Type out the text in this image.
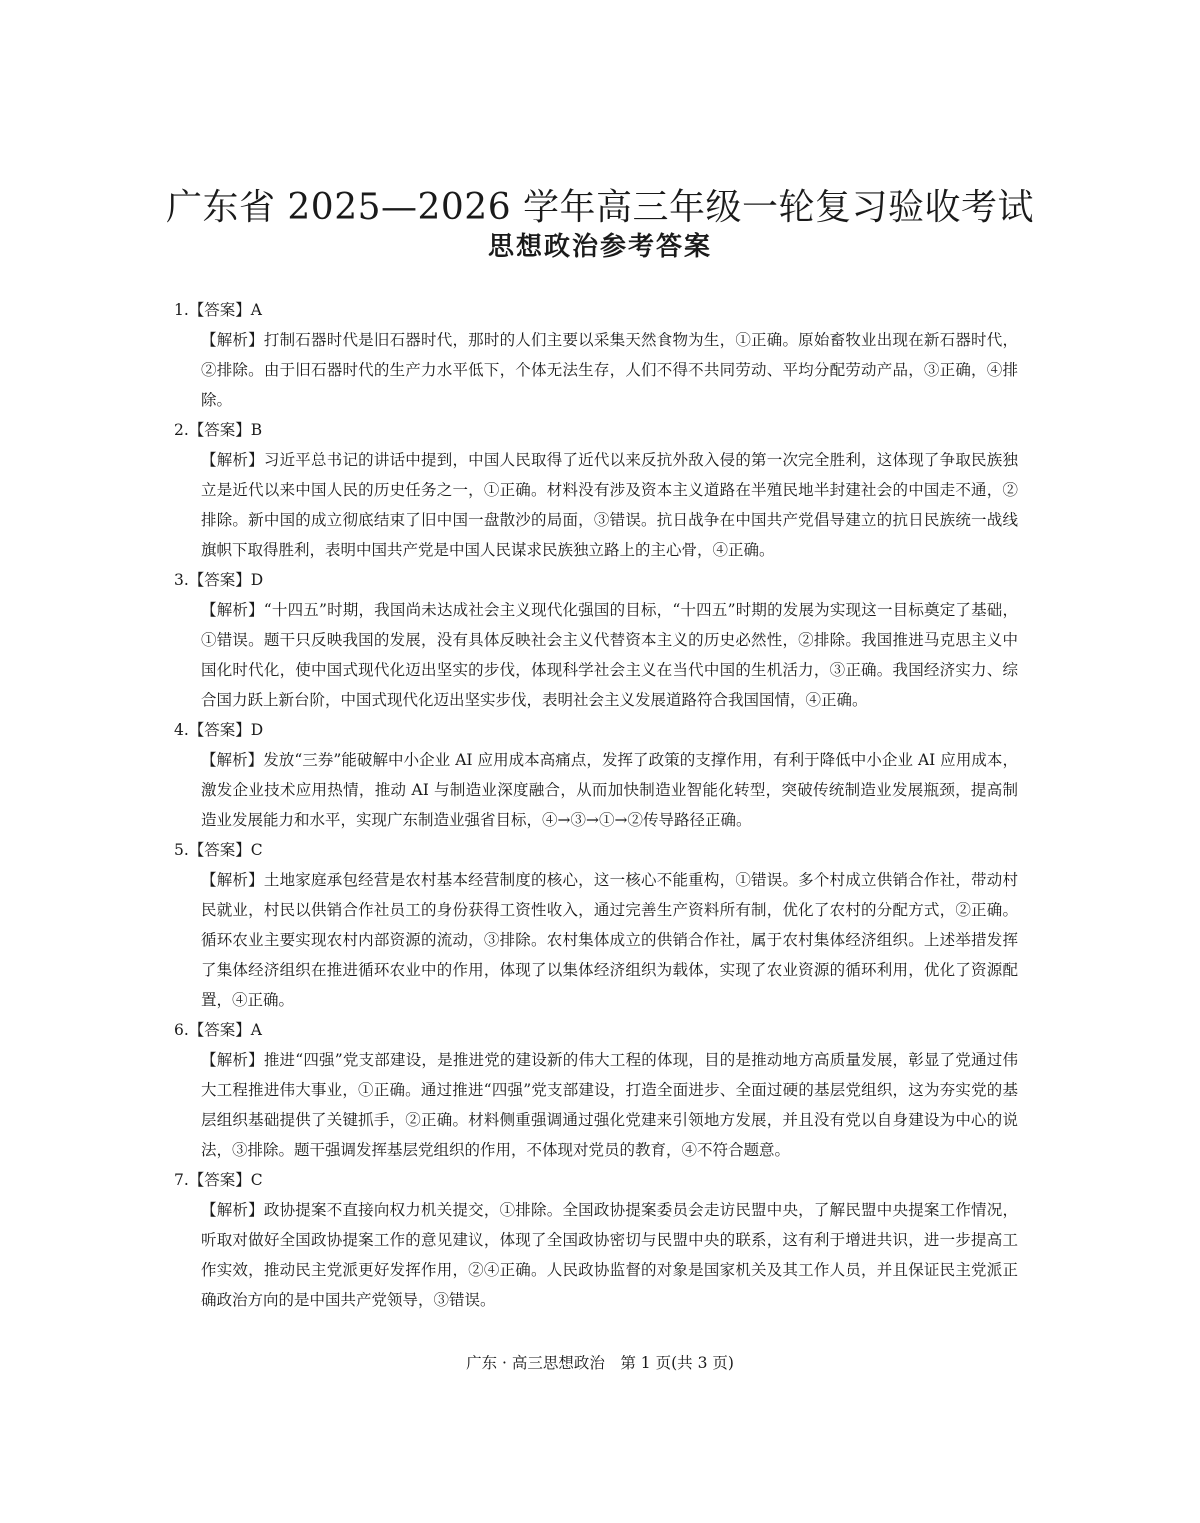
广东省 2025—2026 学年高三年级一轮复习验收考试
思想政治参考答案
1.【答案】A
【解析】打制石器时代是旧石器时代，那时的人们主要以采集天然食物为生，①正确。原始畜牧业出现在新石器时代，②排除。由于旧石器时代的生产力水平低下，个体无法生存，人们不得不共同劳动、平均分配劳动产品，③正确，④排除。
2.【答案】B
【解析】习近平总书记的讲话中提到，中国人民取得了近代以来反抗外敌入侵的第一次完全胜利，这体现了争取民族独立是近代以来中国人民的历史任务之一，①正确。材料没有涉及资本主义道路在半殖民地半封建社会的中国走不通，②排除。新中国的成立彻底结束了旧中国一盘散沙的局面，③错误。抗日战争在中国共产党倡导建立的抗日民族统一战线旗帜下取得胜利，表明中国共产党是中国人民谋求民族独立路上的主心骨，④正确。
3.【答案】D
【解析】“十四五”时期，我国尚未达成社会主义现代化强国的目标，“十四五”时期的发展为实现这一目标奠定了基础，①错误。题干只反映我国的发展，没有具体反映社会主义代替资本主义的历史必然性，②排除。我国推进马克思主义中国化时代化，使中国式现代化迈出坚实的步伐，体现科学社会主义在当代中国的生机活力，③正确。我国经济实力、综合国力跃上新台阶，中国式现代化迈出坚实步伐，表明社会主义发展道路符合我国国情，④正确。
4.【答案】D
【解析】发放“三券”能破解中小企业 AI 应用成本高痛点，发挥了政策的支撑作用，有利于降低中小企业 AI 应用成本，激发企业技术应用热情，推动 AI 与制造业深度融合，从而加快制造业智能化转型，突破传统制造业发展瓶颈，提高制造业发展能力和水平，实现广东制造业强省目标，④→③→①→②传导路径正确。
5.【答案】C
【解析】土地家庭承包经营是农村基本经营制度的核心，这一核心不能重构，①错误。多个村成立供销合作社，带动村民就业，村民以供销合作社员工的身份获得工资性收入，通过完善生产资料所有制，优化了农村的分配方式，②正确。循环农业主要实现农村内部资源的流动，③排除。农村集体成立的供销合作社，属于农村集体经济组织。上述举措发挥了集体经济组织在推进循环农业中的作用，体现了以集体经济组织为载体，实现了农业资源的循环利用，优化了资源配置，④正确。
6.【答案】A
【解析】推进“四强”党支部建设，是推进党的建设新的伟大工程的体现，目的是推动地方高质量发展，彰显了党通过伟大工程推进伟大事业，①正确。通过推进“四强”党支部建设，打造全面进步、全面过硬的基层党组织，这为夯实党的基层组织基础提供了关键抓手，②正确。材料侧重强调通过强化党建来引领地方发展，并且没有党以自身建设为中心的说法，③排除。题干强调发挥基层党组织的作用，不体现对党员的教育，④不符合题意。
7.【答案】C
【解析】政协提案不直接向权力机关提交，①排除。全国政协提案委员会走访民盟中央，了解民盟中央提案工作情况，听取对做好全国政协提案工作的意见建议，体现了全国政协密切与民盟中央的联系，这有利于增进共识，进一步提高工作实效，推动民主党派更好发挥作用，②④正确。人民政协监督的对象是国家机关及其工作人员，并且保证民主党派正确政治方向的是中国共产党领导，③错误。
广东 · 高三思想政治　第 1 页(共 3 页)
